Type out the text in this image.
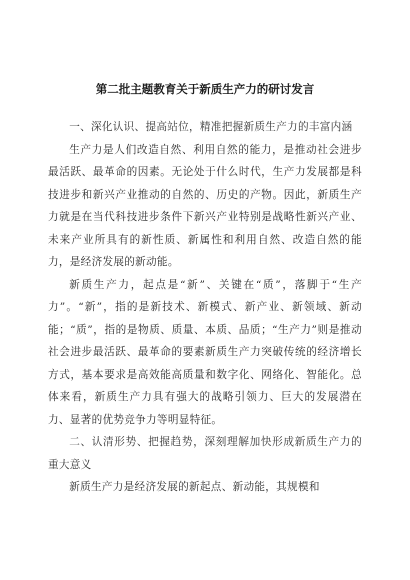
第二批主题教育关于新质生产力的研讨发言

一、深化认识、提高站位，精准把握新质生产力的丰富内涵

生产力是人们改造自然、利用自然的能力，是推动社会进步最活跃、最革命的因素。无论处于什么时代，生产力发展都是科技进步和新兴产业推动的自然的、历史的产物。因此，新质生产力就是在当代科技进步条件下新兴产业特别是战略性新兴产业、未来产业所具有的新性质、新属性和利用自然、改造自然的能力，是经济发展的新动能。

新质生产力，起点是“新”、关键在“质”，落脚于“生产力”。“新”，指的是新技术、新模式、新产业、新领域、新动能；“质”，指的是物质、质量、本质、品质；“生产力”则是推动社会进步最活跃、最革命的要素新质生产力突破传统的经济增长方式，基本要求是高效能高质量和数字化、网络化、智能化。总体来看，新质生产力具有强大的战略引领力、巨大的发展潜在力、显著的优势竞争力等明显特征。

二、认清形势、把握趋势，深刻理解加快形成新质生产力的重大意义

新质生产力是经济发展的新起点、新动能，其规模和
